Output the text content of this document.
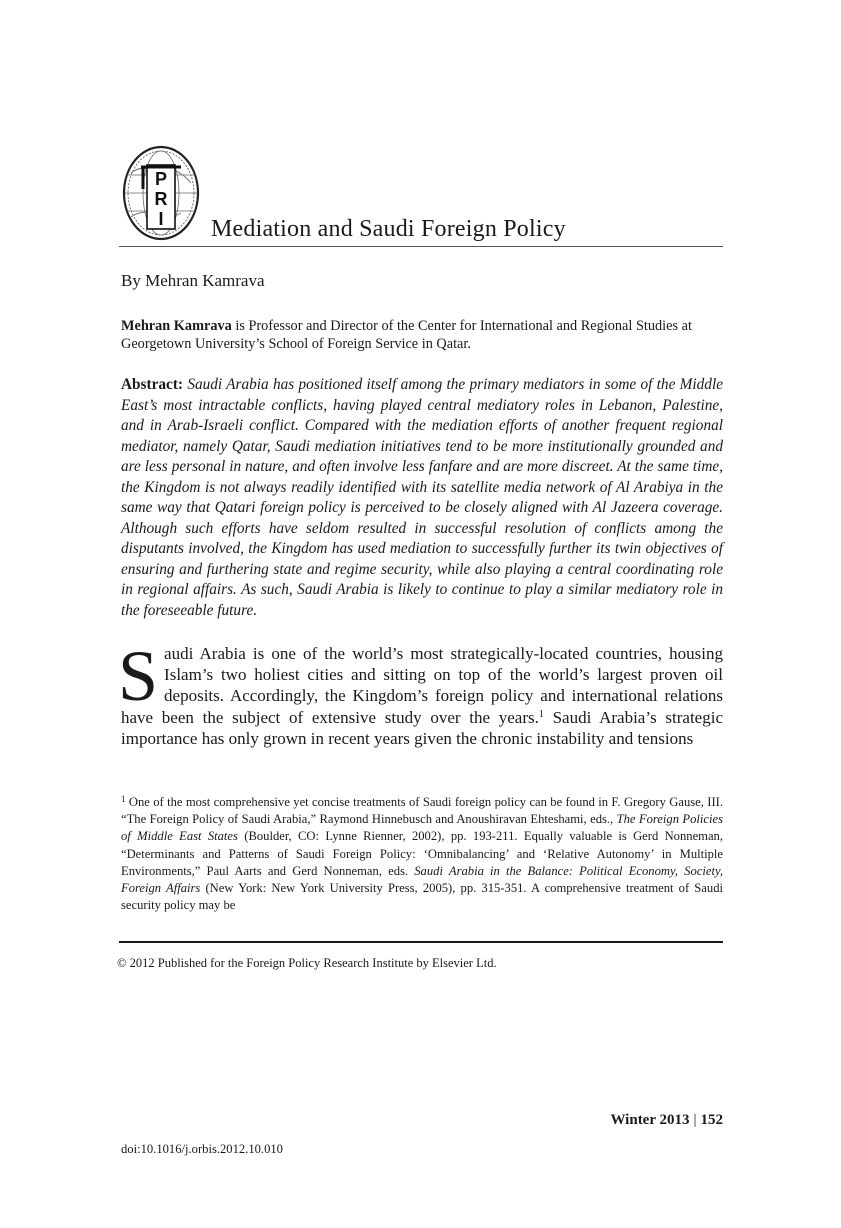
P
R
I Mediation and Saudi Foreign Policy
By Mehran Kamrava
Mehran Kamrava is Professor and Director of the Center for International and Regional Studies at Georgetown University’s School of Foreign Service in Qatar.
Abstract: Saudi Arabia has positioned itself among the primary mediators in some of the Middle East’s most intractable conflicts, having played central mediatory roles in Lebanon, Palestine, and in Arab-Israeli conflict. Compared with the mediation efforts of another frequent regional mediator, namely Qatar, Saudi mediation initiatives tend to be more institutionally grounded and are less personal in nature, and often involve less fanfare and are more discreet. At the same time, the Kingdom is not always readily identified with its satellite media network of Al Arabiya in the same way that Qatari foreign policy is perceived to be closely aligned with Al Jazeera coverage. Although such efforts have seldom resulted in successful resolution of conflicts among the disputants involved, the Kingdom has used mediation to successfully further its twin objectives of ensuring and furthering state and regime security, while also playing a central coordinating role in regional affairs. As such, Saudi Arabia is likely to continue to play a similar mediatory role in the foreseeable future.
Saudi Arabia is one of the world’s most strategically-located countries, housing Islam’s two holiest cities and sitting on top of the world’s largest proven oil deposits. Accordingly, the Kingdom’s foreign policy and international relations have been the subject of extensive study over the years.$^1$ Saudi Arabia’s strategic importance has only grown in recent years given the chronic instability and tensions
$^1$ One of the most comprehensive yet concise treatments of Saudi foreign policy can be found in F. Gregory Gause, III. “The Foreign Policy of Saudi Arabia,” Raymond Hinnebusch and Anoushiravan Ehteshami, eds., The Foreign Policies of Middle East States (Boulder, CO: Lynne Rienner, 2002), pp. 193-211. Equally valuable is Gerd Nonneman, “Determinants and Patterns of Saudi Foreign Policy: ‘Omnibalancing’ and ‘Relative Autonomy’ in Multiple Environments,” Paul Aarts and Gerd Nonneman, eds. Saudi Arabia in the Balance: Political Economy, Society, Foreign Affairs (New York: New York University Press, 2005), pp. 315-351. A comprehensive treatment of Saudi security policy may be
© 2012 Published for the Foreign Policy Research Institute by Elsevier Ltd.
Winter 2013 | 152
doi:10.1016/j.orbis.2012.10.010
